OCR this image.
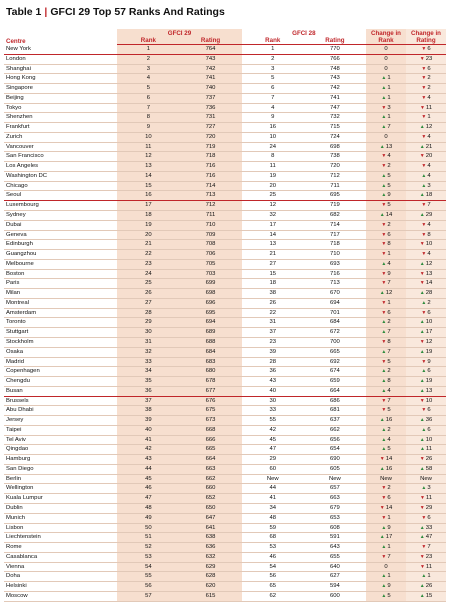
Table 1 | GFCI 29 Top 57 Ranks And Ratings
Centre	GFCI 29		GFCI 28		Change in	Change in
	Rank	Rating	Rank	Rating	Rank	Rating
New York	1	764	1	770	0	▼6
London	2	743	2	766	0	▼23
Shanghai	3	742	3	748	0	▼6
Hong Kong	4	741	5	743	▲1	▼2
Singapore	5	740	6	742	▲1	▼2
Beijing	6	737	7	741	▲1	▼4
Tokyo	7	736	4	747	▼3	▼11
Shenzhen	8	731	9	732	▲1	▼1
Frankfurt	9	727	16	715	▲7	▲12
Zurich	10	720	10	724	0	▼4
Vancouver	11	719	24	698	▲13	▲21
San Francisco	12	718	8	738	▼4	▼20
Los Angeles	13	716	11	720	▼2	▼4
Washington DC	14	716	19	712	▲5	▲4
Chicago	15	714	20	711	▲5	▲3
Seoul	16	713	25	695	▲9	▲18
Luxembourg	17	712	12	719	▼5	▼7
Sydney	18	711	32	682	▲14	▲29
Dubai	19	710	17	714	▼2	▼4
Geneva	20	709	14	717	▼6	▼8
Edinburgh	21	708	13	718	▼8	▼10
Guangzhou	22	706	21	710	▼1	▼4
Melbourne	23	705	27	693	▲4	▲12
Boston	24	703	15	716	▼9	▼13
Paris	25	699	18	713	▼7	▼14
Milan	26	698	38	670	▲12	▲28
Montreal	27	696	26	694	▼1	▲2
Amsterdam	28	695	22	701	▼6	▼6
Toronto	29	694	31	684	▲2	▲10
Stuttgart	30	689	37	672	▲7	▲17
Stockholm	31	688	23	700	▼8	▼12
Osaka	32	684	39	665	▲7	▲19
Madrid	33	683	28	692	▼5	▼9
Copenhagen	34	680	36	674	▲2	▲6
Chengdu	35	678	43	659	▲8	▲19
Busan	36	677	40	664	▲4	▲13
Brussels	37	676	30	686	▼7	▼10
Abu Dhabi	38	675	33	681	▼5	▼6
Jersey	39	673	55	637	▲16	▲36
Taipei	40	668	42	662	▲2	▲6
Tel Aviv	41	666	45	656	▲4	▲10
Qingdao	42	665	47	654	▲5	▲11
Hamburg	43	664	29	690	▼14	▼26
San Diego	44	663	60	605	▲16	▲58
Berlin	45	662	New	New	New	New
Wellington	46	660	44	657	▼2	▲3
Kuala Lumpur	47	652	41	663	▼6	▼11
Dublin	48	650	34	679	▼14	▼29
Munich	49	647	48	653	▼1	▼6
Lisbon	50	641	59	608	▲9	▲33
Liechtenstein	51	638	68	591	▲17	▲47
Rome	52	636	53	643	▲1	▼7
Casablanca	53	632	46	655	▼7	▼23
Vienna	54	629	54	640	0	▼11
Doha	55	628	56	627	▲1	▲1
Helsinki	56	620	65	594	▲9	▲26
Moscow	57	615	62	600	▲5	▲15
